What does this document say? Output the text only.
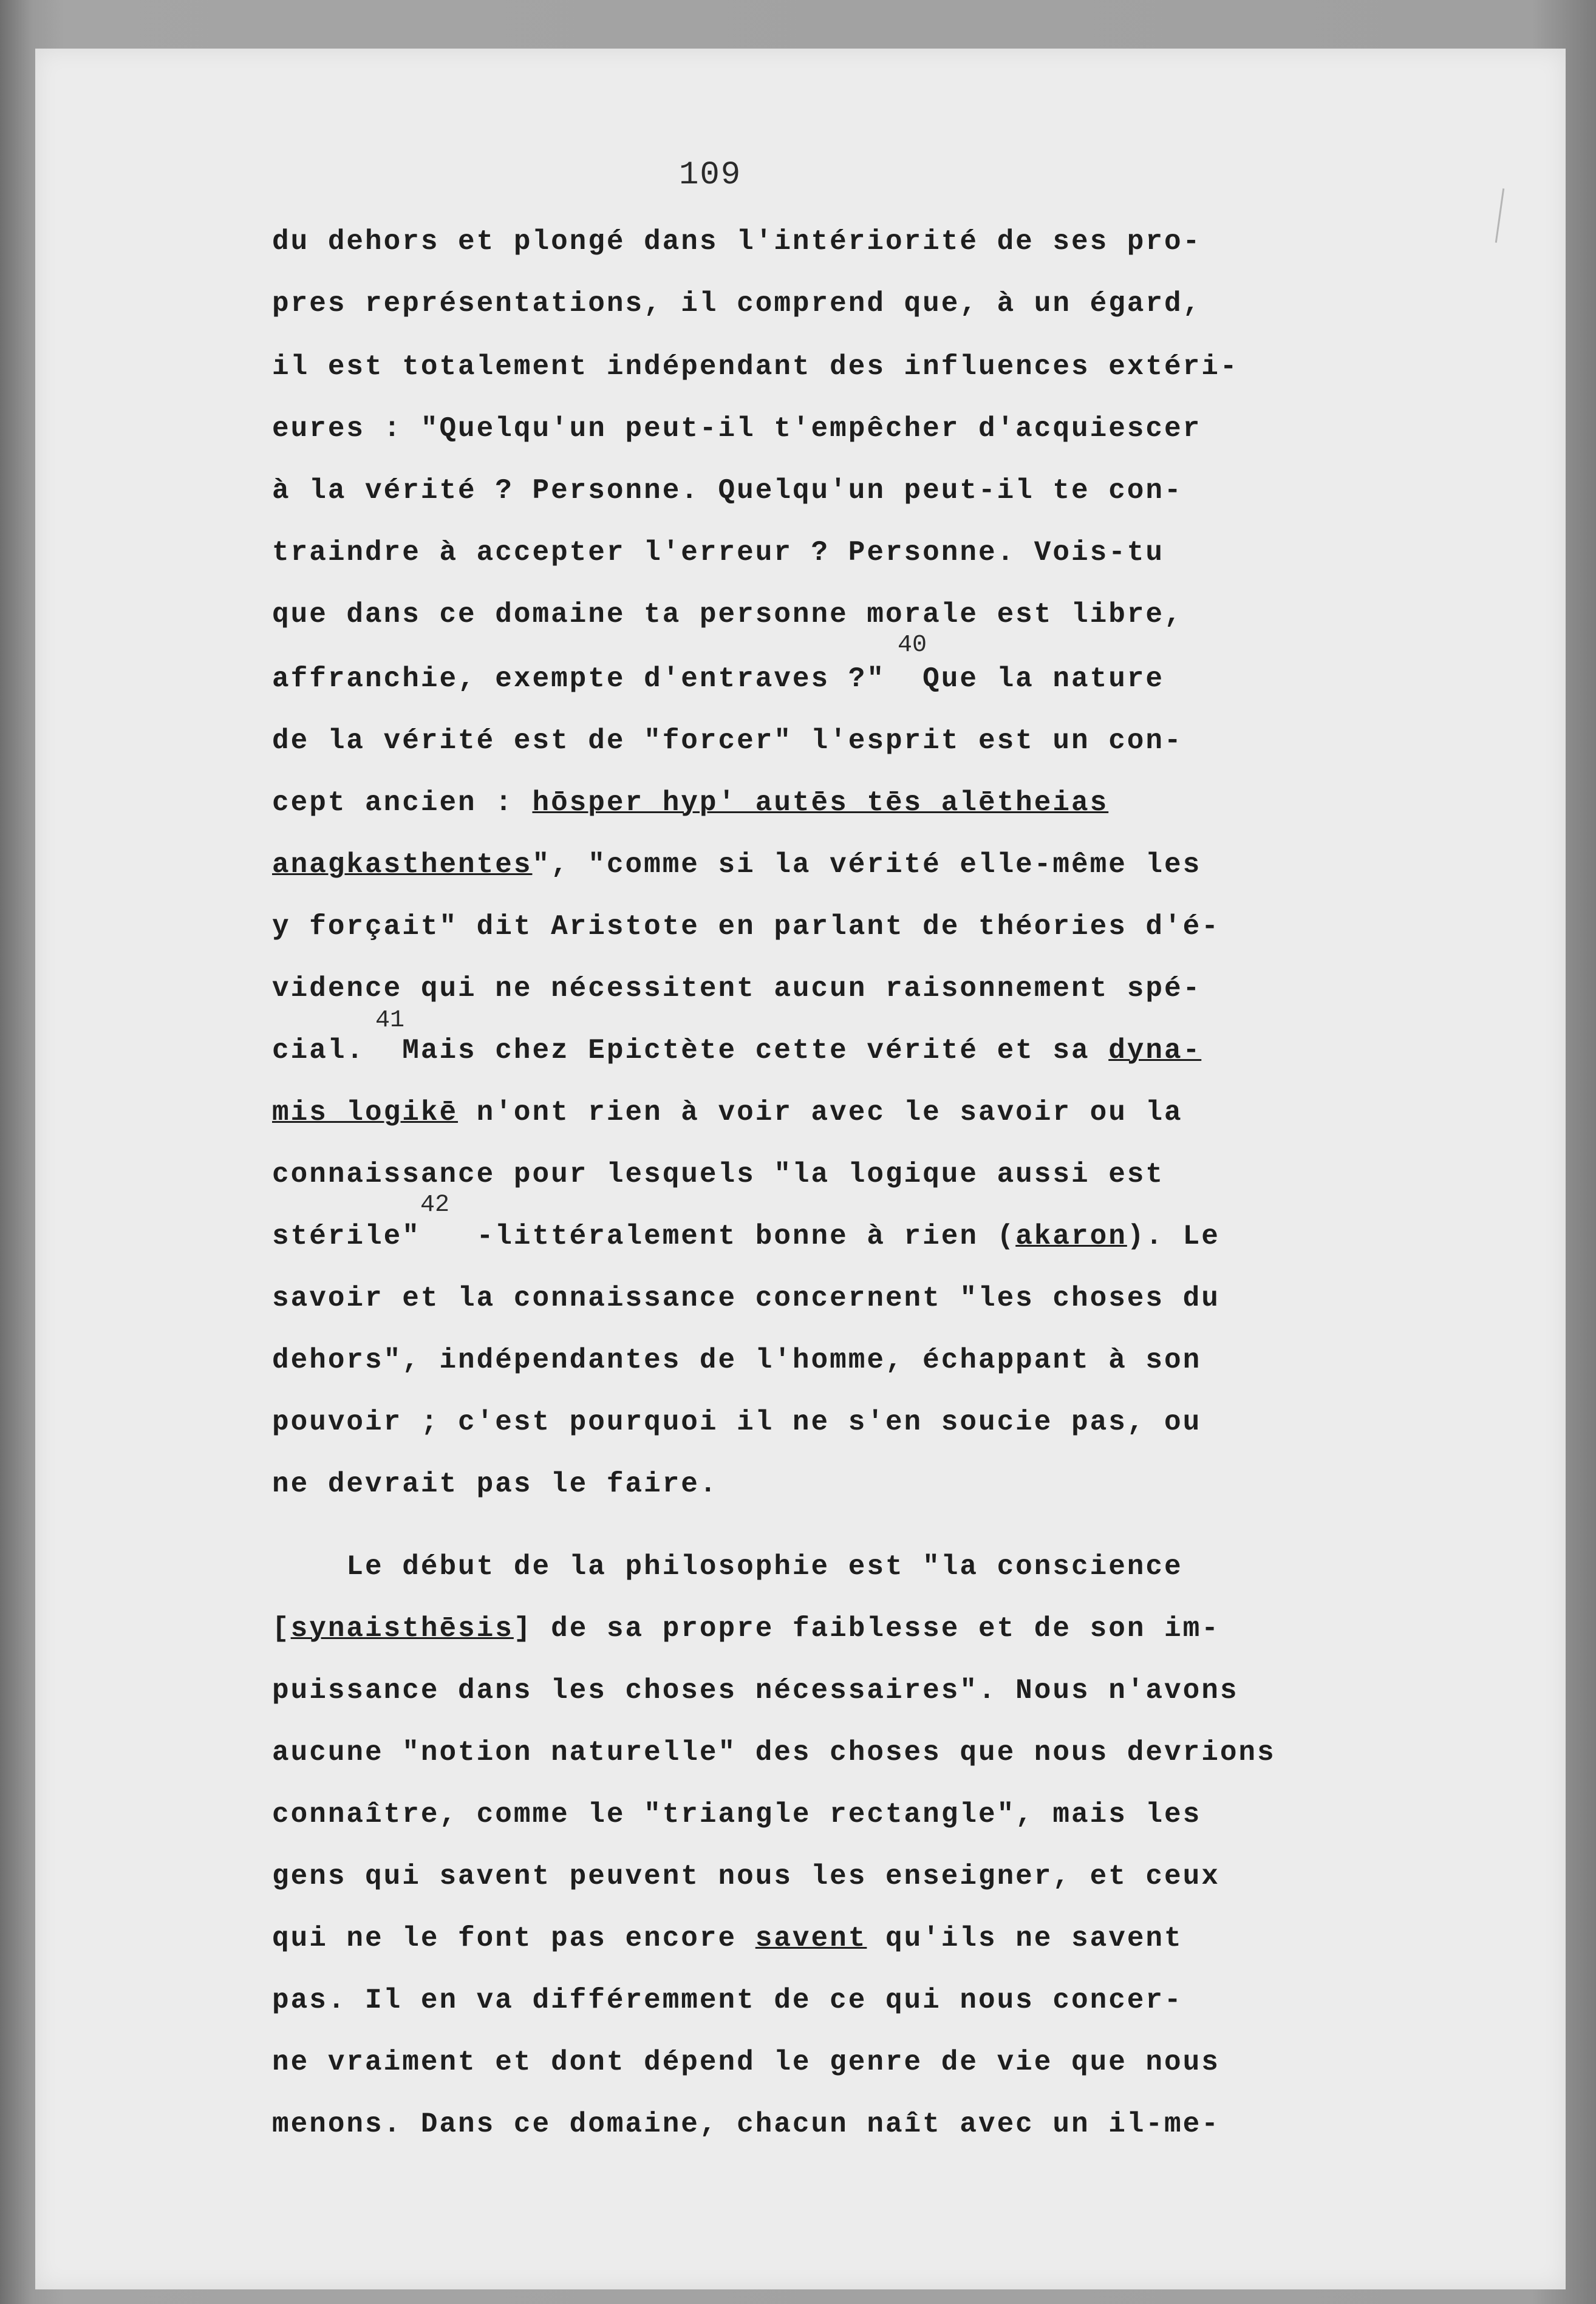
109
du dehors et plongé dans l'intériorité de ses pro-
pres représentations, il comprend que, à un égard,
il est totalement indépendant des influences extéri-
eures : "Quelqu'un peut-il t'empêcher d'acquiescer
à la vérité ? Personne. Quelqu'un peut-il te con-
traindre à accepter l'erreur ? Personne. Vois-tu
que dans ce domaine ta personne morale est libre,
40
affranchie, exempte d'entraves ?"  Que la nature
de la vérité est de "forcer" l'esprit est un con-
cept ancien : hōsper hyp' autēs tēs alētheias
anagkasthentes", "comme si la vérité elle-même les
y forçait" dit Aristote en parlant de théories d'é-
vidence qui ne nécessitent aucun raisonnement spé-
41
cial.  Mais chez Epictète cette vérité et sa dyna-
mis logikē n'ont rien à voir avec le savoir ou la
connaissance pour lesquels "la logique aussi est
42
stérile"   -littéralement bonne à rien (akaron). Le
savoir et la connaissance concernent "les choses du
dehors", indépendantes de l'homme, échappant à son
pouvoir ; c'est pourquoi il ne s'en soucie pas, ou
ne devrait pas le faire.
Le début de la philosophie est "la conscience
[synaisthēsis] de sa propre faiblesse et de son im-
puissance dans les choses nécessaires". Nous n'avons
aucune "notion naturelle" des choses que nous devrions
connaître, comme le "triangle rectangle", mais les
gens qui savent peuvent nous les enseigner, et ceux
qui ne le font pas encore savent qu'ils ne savent
pas. Il en va différemment de ce qui nous concer-
ne vraiment et dont dépend le genre de vie que nous
menons. Dans ce domaine, chacun naît avec un il-me-
